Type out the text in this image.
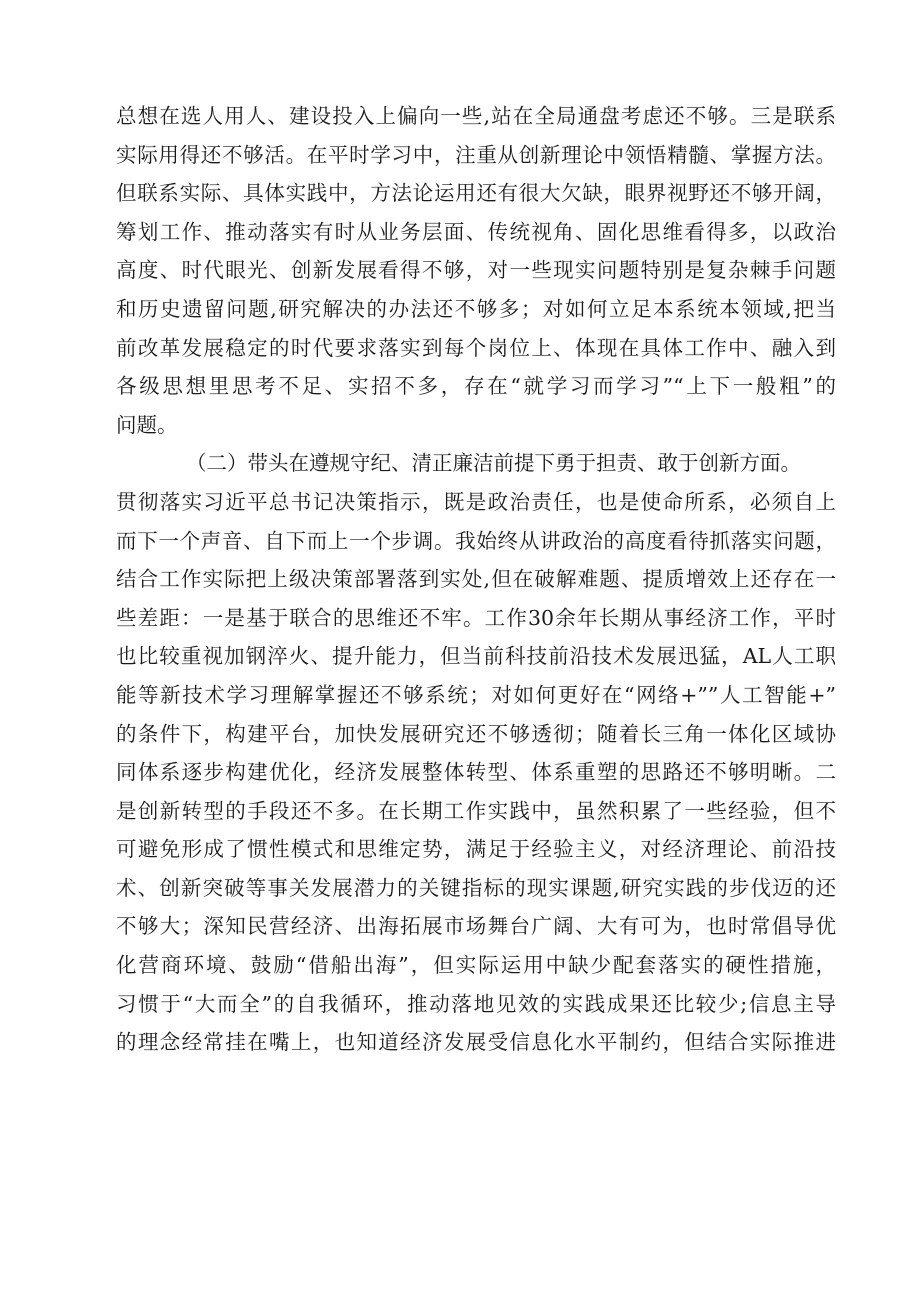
总想在选人用人、建设投入上偏向一些,站在全局通盘考虑还不够。三是联系
实际用得还不够活。在平时学习中，注重从创新理论中领悟精髓、掌握方法。
但联系实际、具体实践中，方法论运用还有很大欠缺，眼界视野还不够开阔，
筹划工作、推动落实有时从业务层面、传统视角、固化思维看得多，以政治
高度、时代眼光、创新发展看得不够，对一些现实问题特别是复杂棘手问题
和历史遗留问题,研究解决的办法还不够多；对如何立足本系统本领域,把当
前改革发展稳定的时代要求落实到每个岗位上、体现在具体工作中、融入到
各级思想里思考不足、实招不多，存在“就学习而学习”“上下一般粗”的
问题。
（二）带头在遵规守纪、清正廉洁前提下勇于担责、敢于创新方面。
贯彻落实习近平总书记决策指示，既是政治责任，也是使命所系，必须自上
而下一个声音、自下而上一个步调。我始终从讲政治的高度看待抓落实问题，
结合工作实际把上级决策部署落到实处,但在破解难题、提质增效上还存在一
些差距：一是基于联合的思维还不牢。工作30余年长期从事经济工作，平时
也比较重视加钢淬火、提升能力，但当前科技前沿技术发展迅猛，AL人工职
能等新技术学习理解掌握还不够系统；对如何更好在“网络+””人工智能+”
的条件下，构建平台，加快发展研究还不够透彻；随着长三角一体化区域协
同体系逐步构建优化，经济发展整体转型、体系重塑的思路还不够明晰。二
是创新转型的手段还不多。在长期工作实践中，虽然积累了一些经验，但不
可避免形成了惯性模式和思维定势，满足于经验主义，对经济理论、前沿技
术、创新突破等事关发展潜力的关键指标的现实课题,研究实践的步伐迈的还
不够大；深知民营经济、出海拓展市场舞台广阔、大有可为，也时常倡导优
化营商环境、鼓励“借船出海”，但实际运用中缺少配套落实的硬性措施，
习惯于“大而全”的自我循环，推动落地见效的实践成果还比较少;信息主导
的理念经常挂在嘴上，也知道经济发展受信息化水平制约，但结合实际推进
